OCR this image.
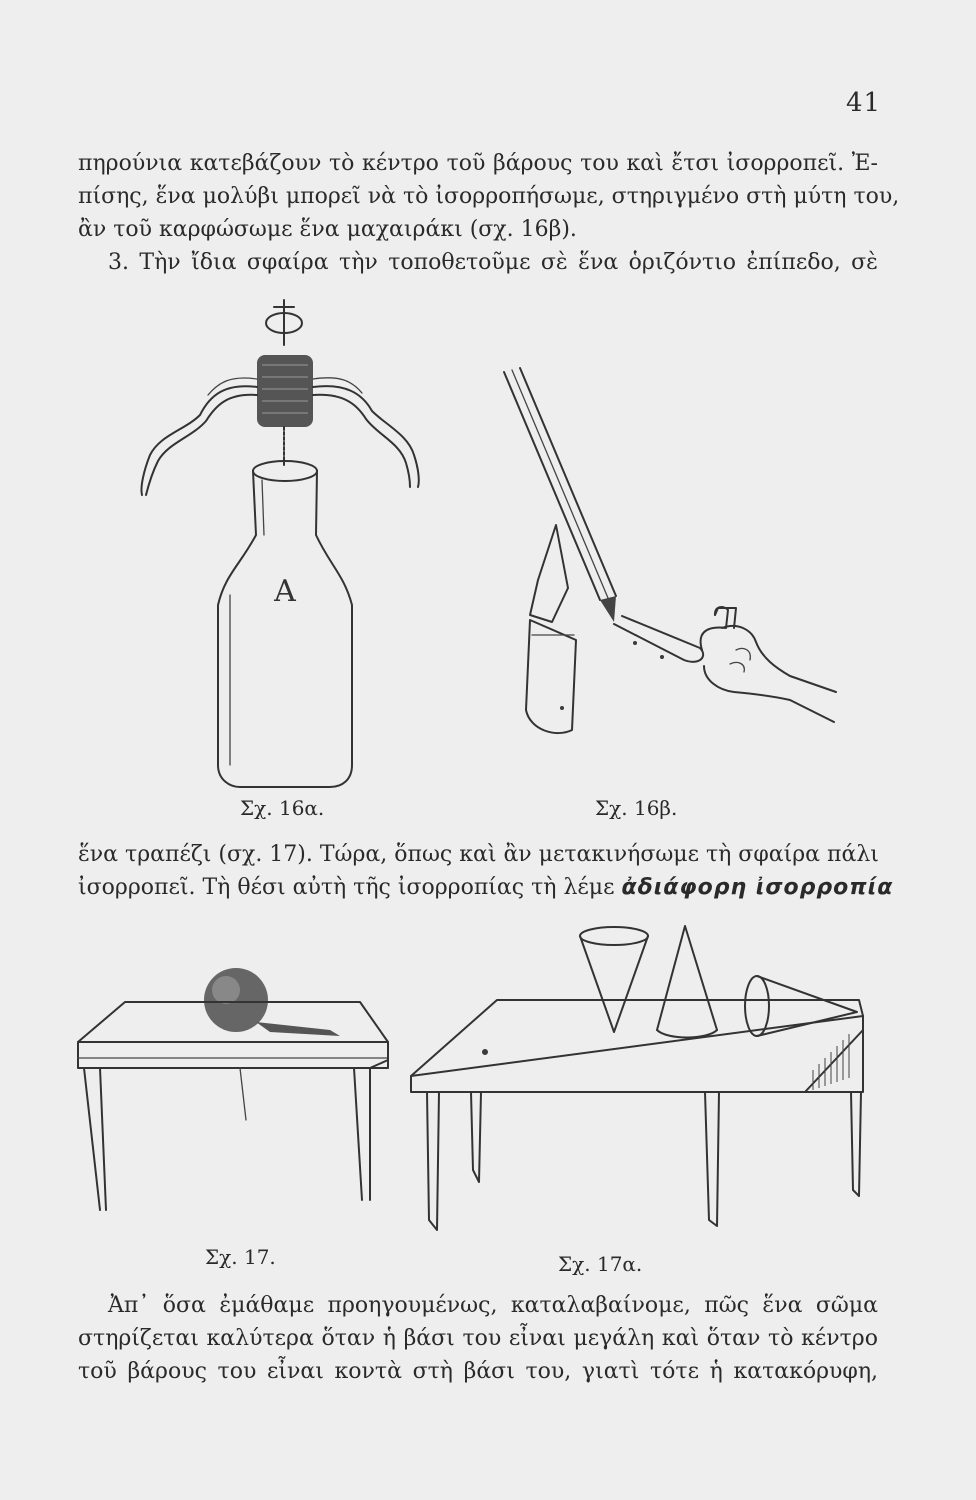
41
πηρούνια κατεβάζουν τὸ κέντρο τοῦ βάρους του καὶ ἔτσι ἰσορροπεῖ. Ἐ-
πίσης, ἕνα μολύβι μπορεῖ νὰ τὸ ἰσορροπήσωμε, στηριγμένο στὴ μύτη του,
ἂν τοῦ καρφώσωμε ἕνα μαχαιράκι (σχ. 16β).
3. Τὴν ἴδια σφαίρα τὴν τοποθετοῦμε σὲ ἕνα ὁριζόντιο ἐπίπεδο, σὲ
Α
Σχ. 16α.	Σχ. 16β.
ἕνα τραπέζι (σχ. 17). Τώρα, ὅπως καὶ ἂν μετακινήσωμε τὴ σφαίρα πάλι
ἰσορροπεῖ. Τὴ θέσι αὐτὴ τῆς ἰσορροπίας τὴ λέμε ἀδιάφορη ἰσορροπία
Σχ. 17.	Σχ. 17α.
Ἀπ᾿ ὅσα ἐμάθαμε προηγουμένως, καταλαβαίνομε, πῶς ἕνα σῶμα
στηρίζεται καλύτερα ὅταν ἡ βάσι του εἶναι μεγάλη καὶ ὅταν τὸ κέντρο
τοῦ βάρους του εἶναι κοντὰ στὴ βάσι του, γιατὶ τότε ἡ κατακόρυφη,
